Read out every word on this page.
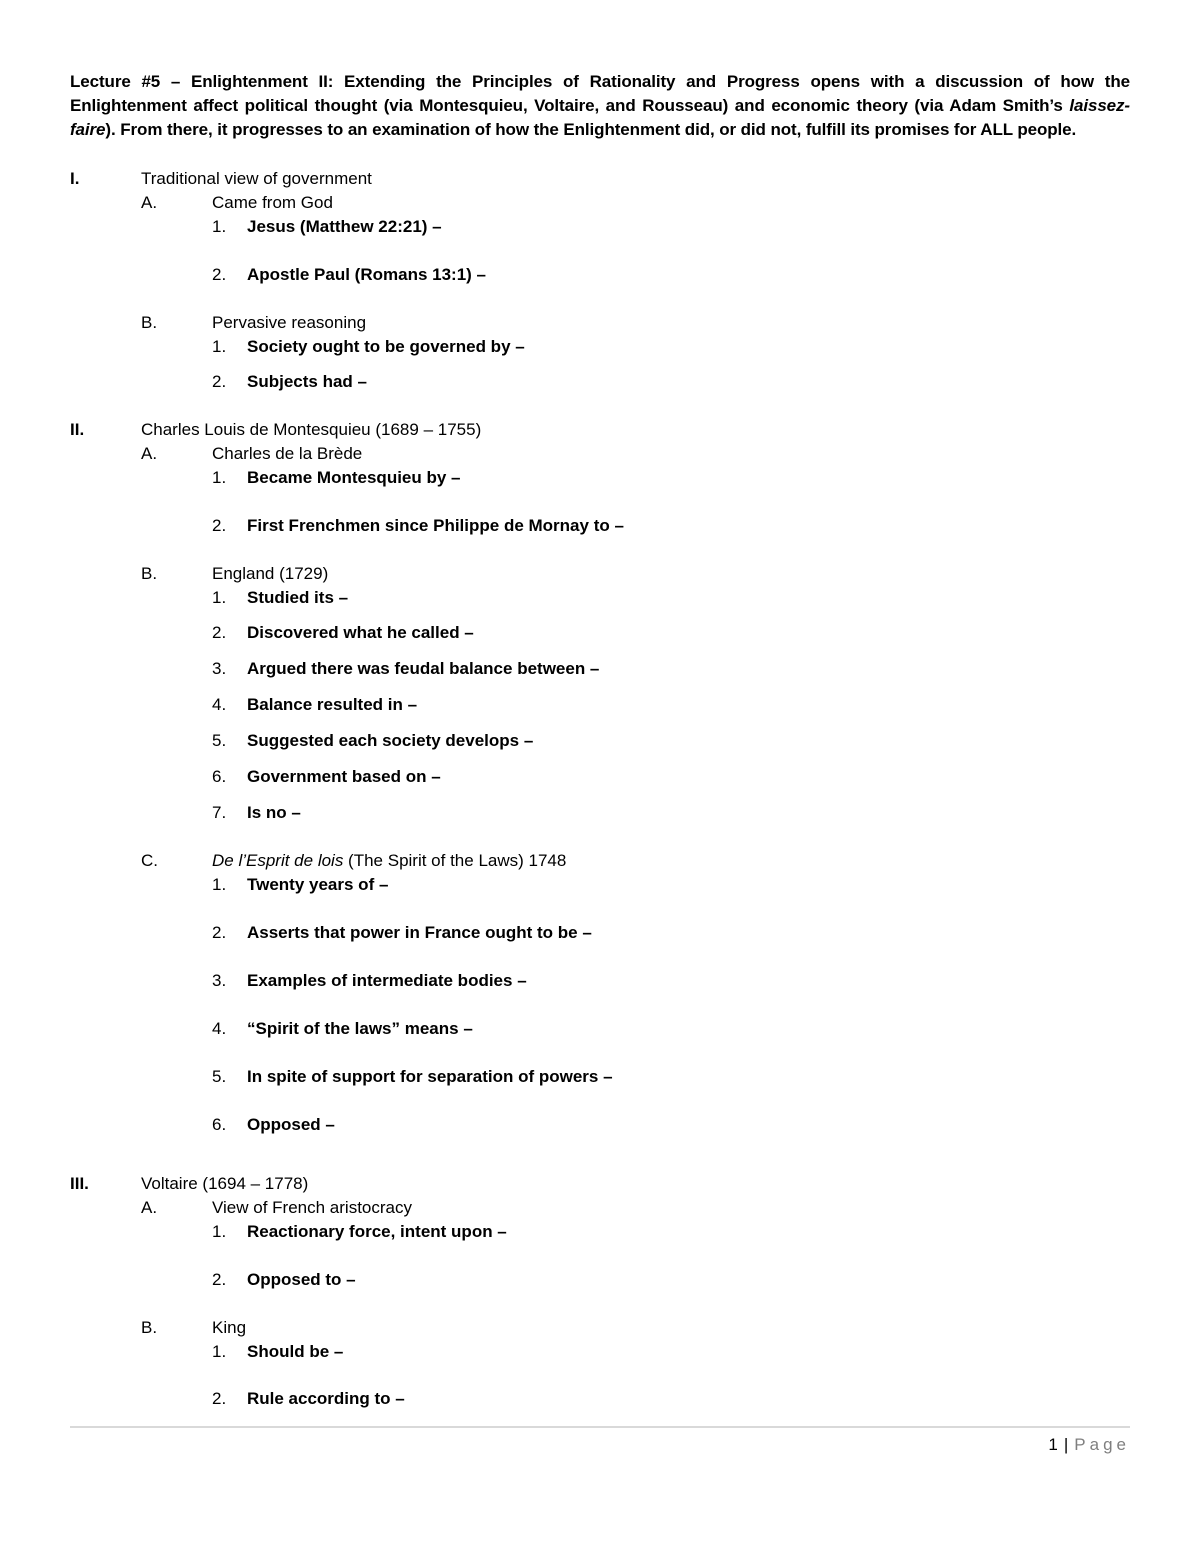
Lecture #5 – Enlightenment II: Extending the Principles of Rationality and Progress opens with a discussion of how the Enlightenment affect political thought (via Montesquieu, Voltaire, and Rousseau) and economic theory (via Adam Smith’s laissez-faire). From there, it progresses to an examination of how the Enlightenment did, or did not, fulfill its promises for ALL people.
I.	Traditional view of government
A.	Came from God
1. Jesus (Matthew 22:21) –
2. Apostle Paul (Romans 13:1) –
B.	Pervasive reasoning
1. Society ought to be governed by –
2. Subjects had –
II.	Charles Louis de Montesquieu (1689 – 1755)
A.	Charles de la Brède
1. Became Montesquieu by –
2. First Frenchmen since Philippe de Mornay to –
B.	England (1729)
1. Studied its –
2. Discovered what he called –
3. Argued there was feudal balance between –
4. Balance resulted in –
5. Suggested each society develops –
6. Government based on –
7. Is no –
C.	De l’Esprit de lois (The Spirit of the Laws) 1748
1. Twenty years of –
2. Asserts that power in France ought to be –
3. Examples of intermediate bodies –
4. “Spirit of the laws” means –
5. In spite of support for separation of powers –
6. Opposed –
III.	Voltaire (1694 – 1778)
A.	View of French aristocracy
1. Reactionary force, intent upon –
2. Opposed to –
B.	King
1. Should be –
2. Rule according to –
1 | Page
